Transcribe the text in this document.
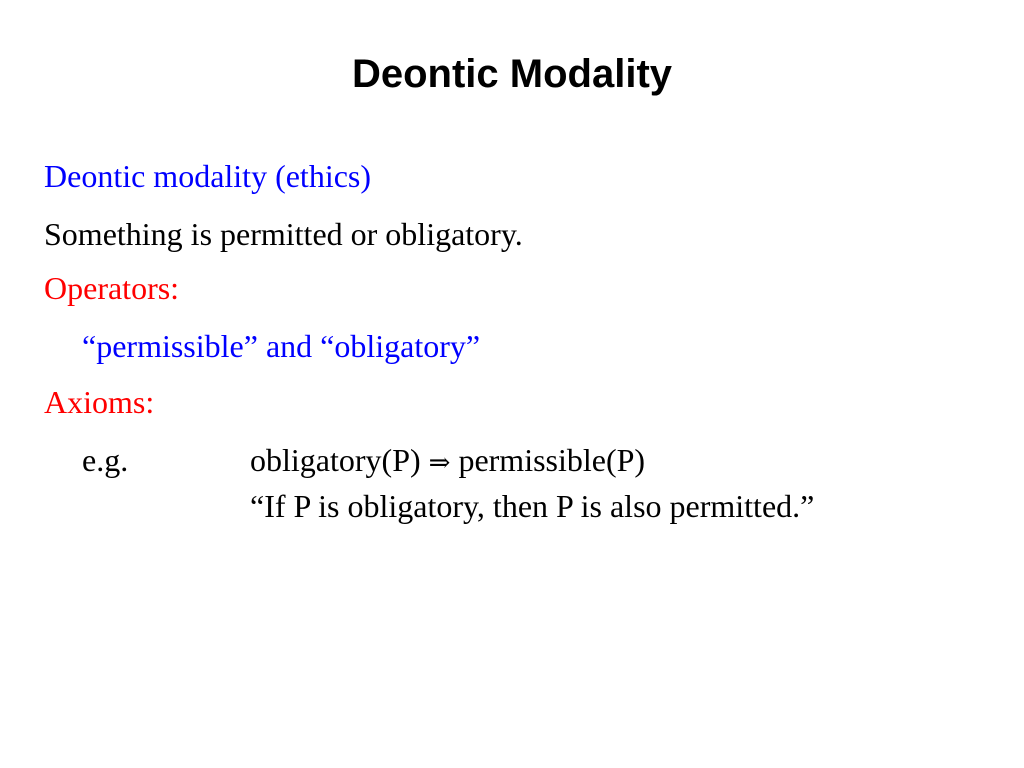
Deontic Modality
Deontic modality (ethics)
Something is permitted or obligatory.
Operators:
“permissible” and “obligatory”
Axioms:
e.g.	obligatory(P) ⇒ permissible(P)
“If P is obligatory, then P is also permitted.”
